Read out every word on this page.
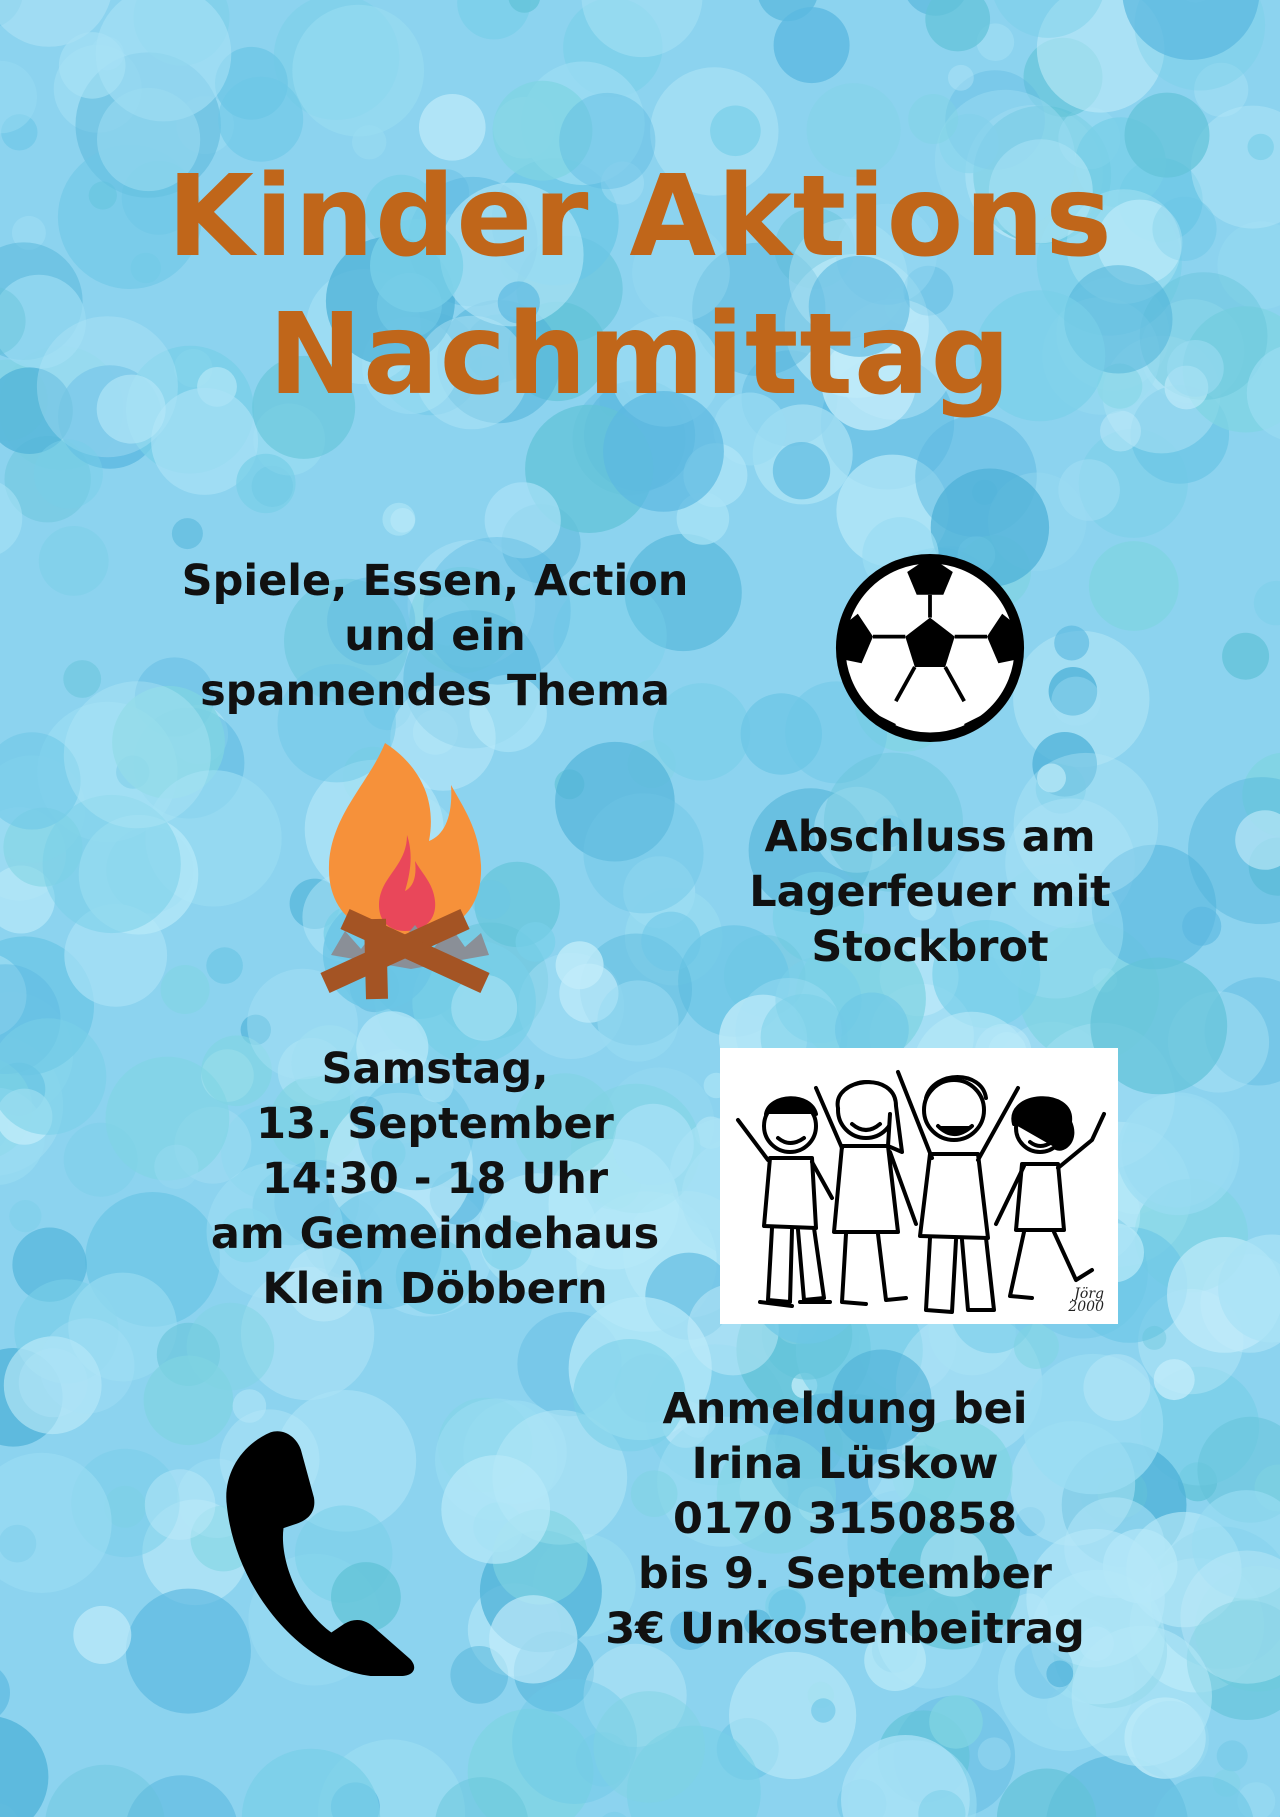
Kinder Aktions
Nachmittag
Spiele, Essen, Action
und ein
spannendes Thema
Abschluss am
Lagerfeuer mit
Stockbrot
Samstag,
13. September
14:30 - 18 Uhr
am Gemeindehaus
Klein Döbbern	Jörg
2000
Anmeldung bei
Irina Lüskow
0170 3150858
bis 9. September
3€ Unkostenbeitrag
